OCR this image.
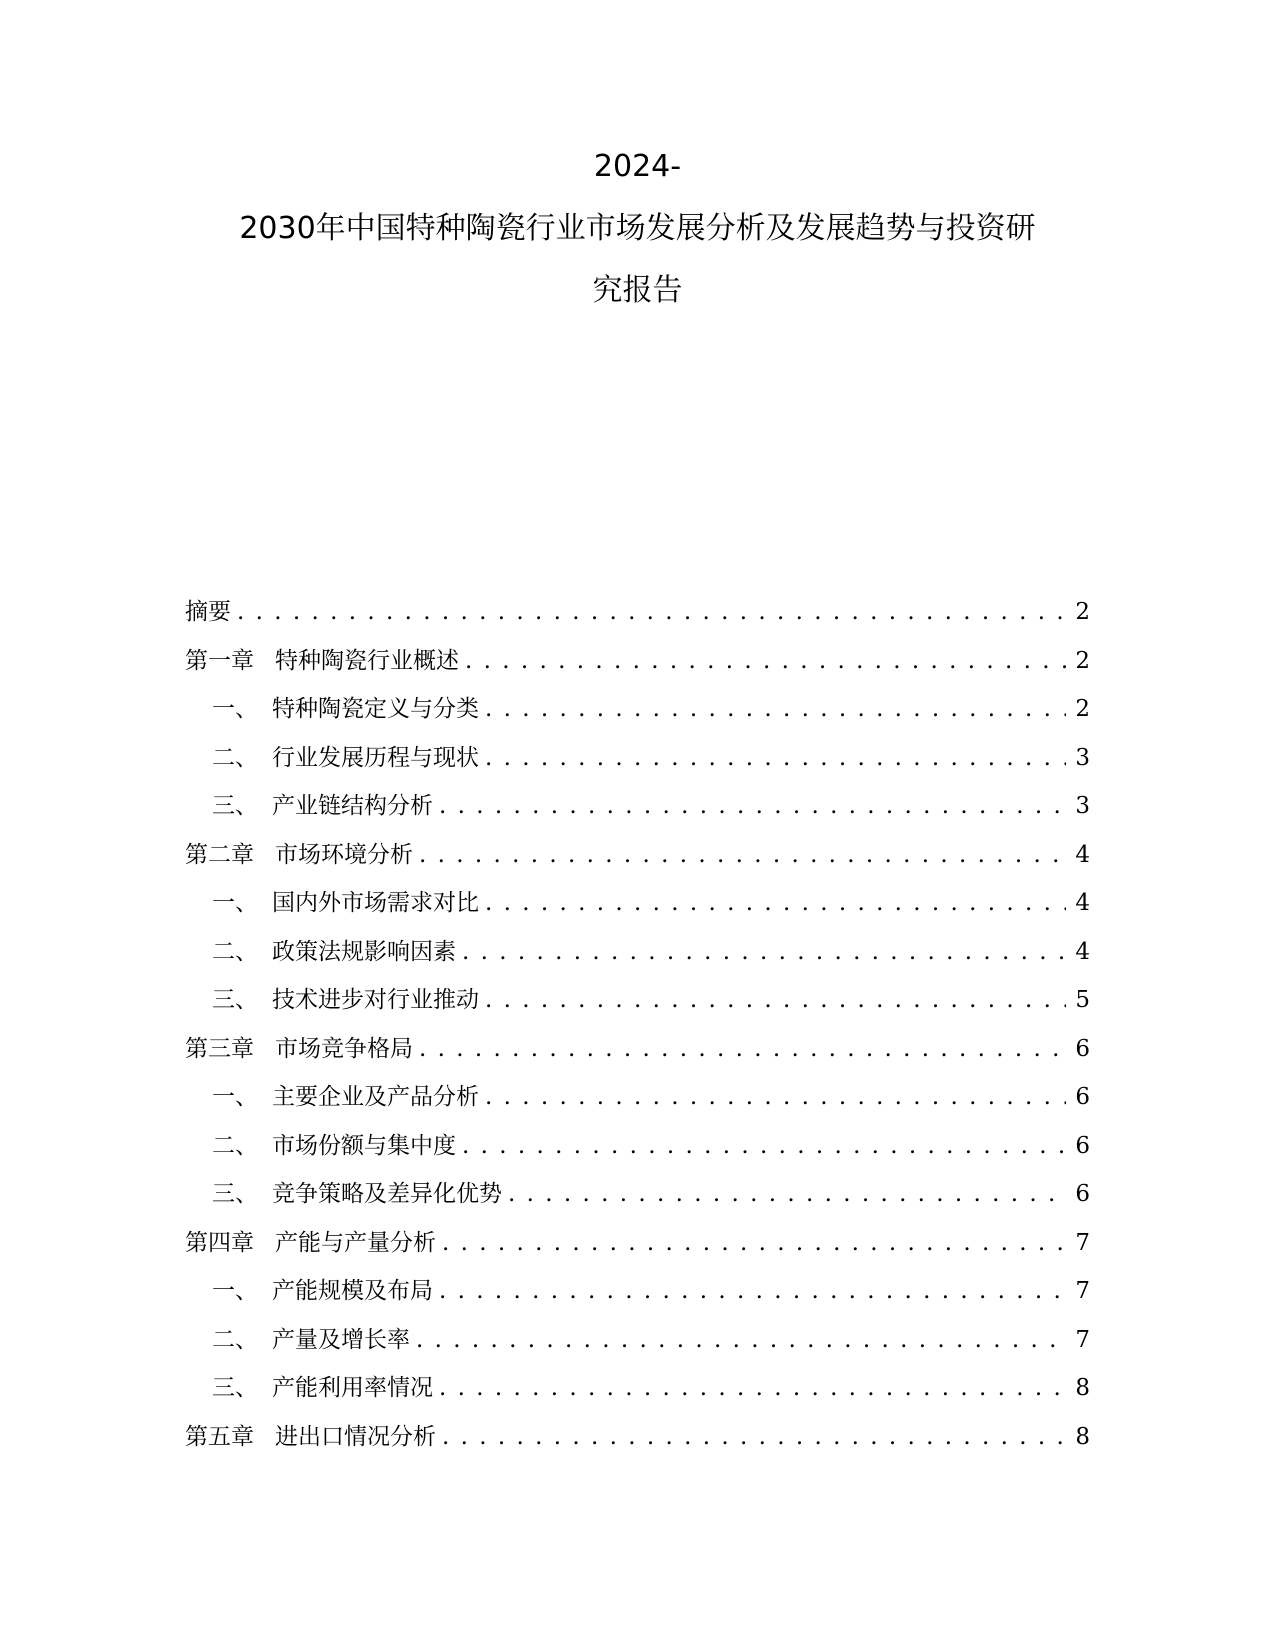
2024-
2030年中国特种陶瓷行业市场发展分析及发展趋势与投资研
究报告
摘要 . . .	2
第一章 特种陶瓷行业概述 . . .	2
一、 特种陶瓷定义与分类 . . .	2
二、 行业发展历程与现状 . . .	3
三、 产业链结构分析 . . .	3
第二章 市场环境分析 . . .	4
一、 国内外市场需求对比 . . .	4
二、 政策法规影响因素 . . .	4
三、 技术进步对行业推动 . . .	5
第三章 市场竞争格局 . . .	6
一、 主要企业及产品分析 . . .	6
二、 市场份额与集中度 . . .	6
三、 竞争策略及差异化优势 . . .	6
第四章 产能与产量分析 . . .	7
一、 产能规模及布局 . . .	7
二、 产量及增长率 . . .	7
三、 产能利用率情况 . . .	8
第五章 进出口情况分析 . . .	8
